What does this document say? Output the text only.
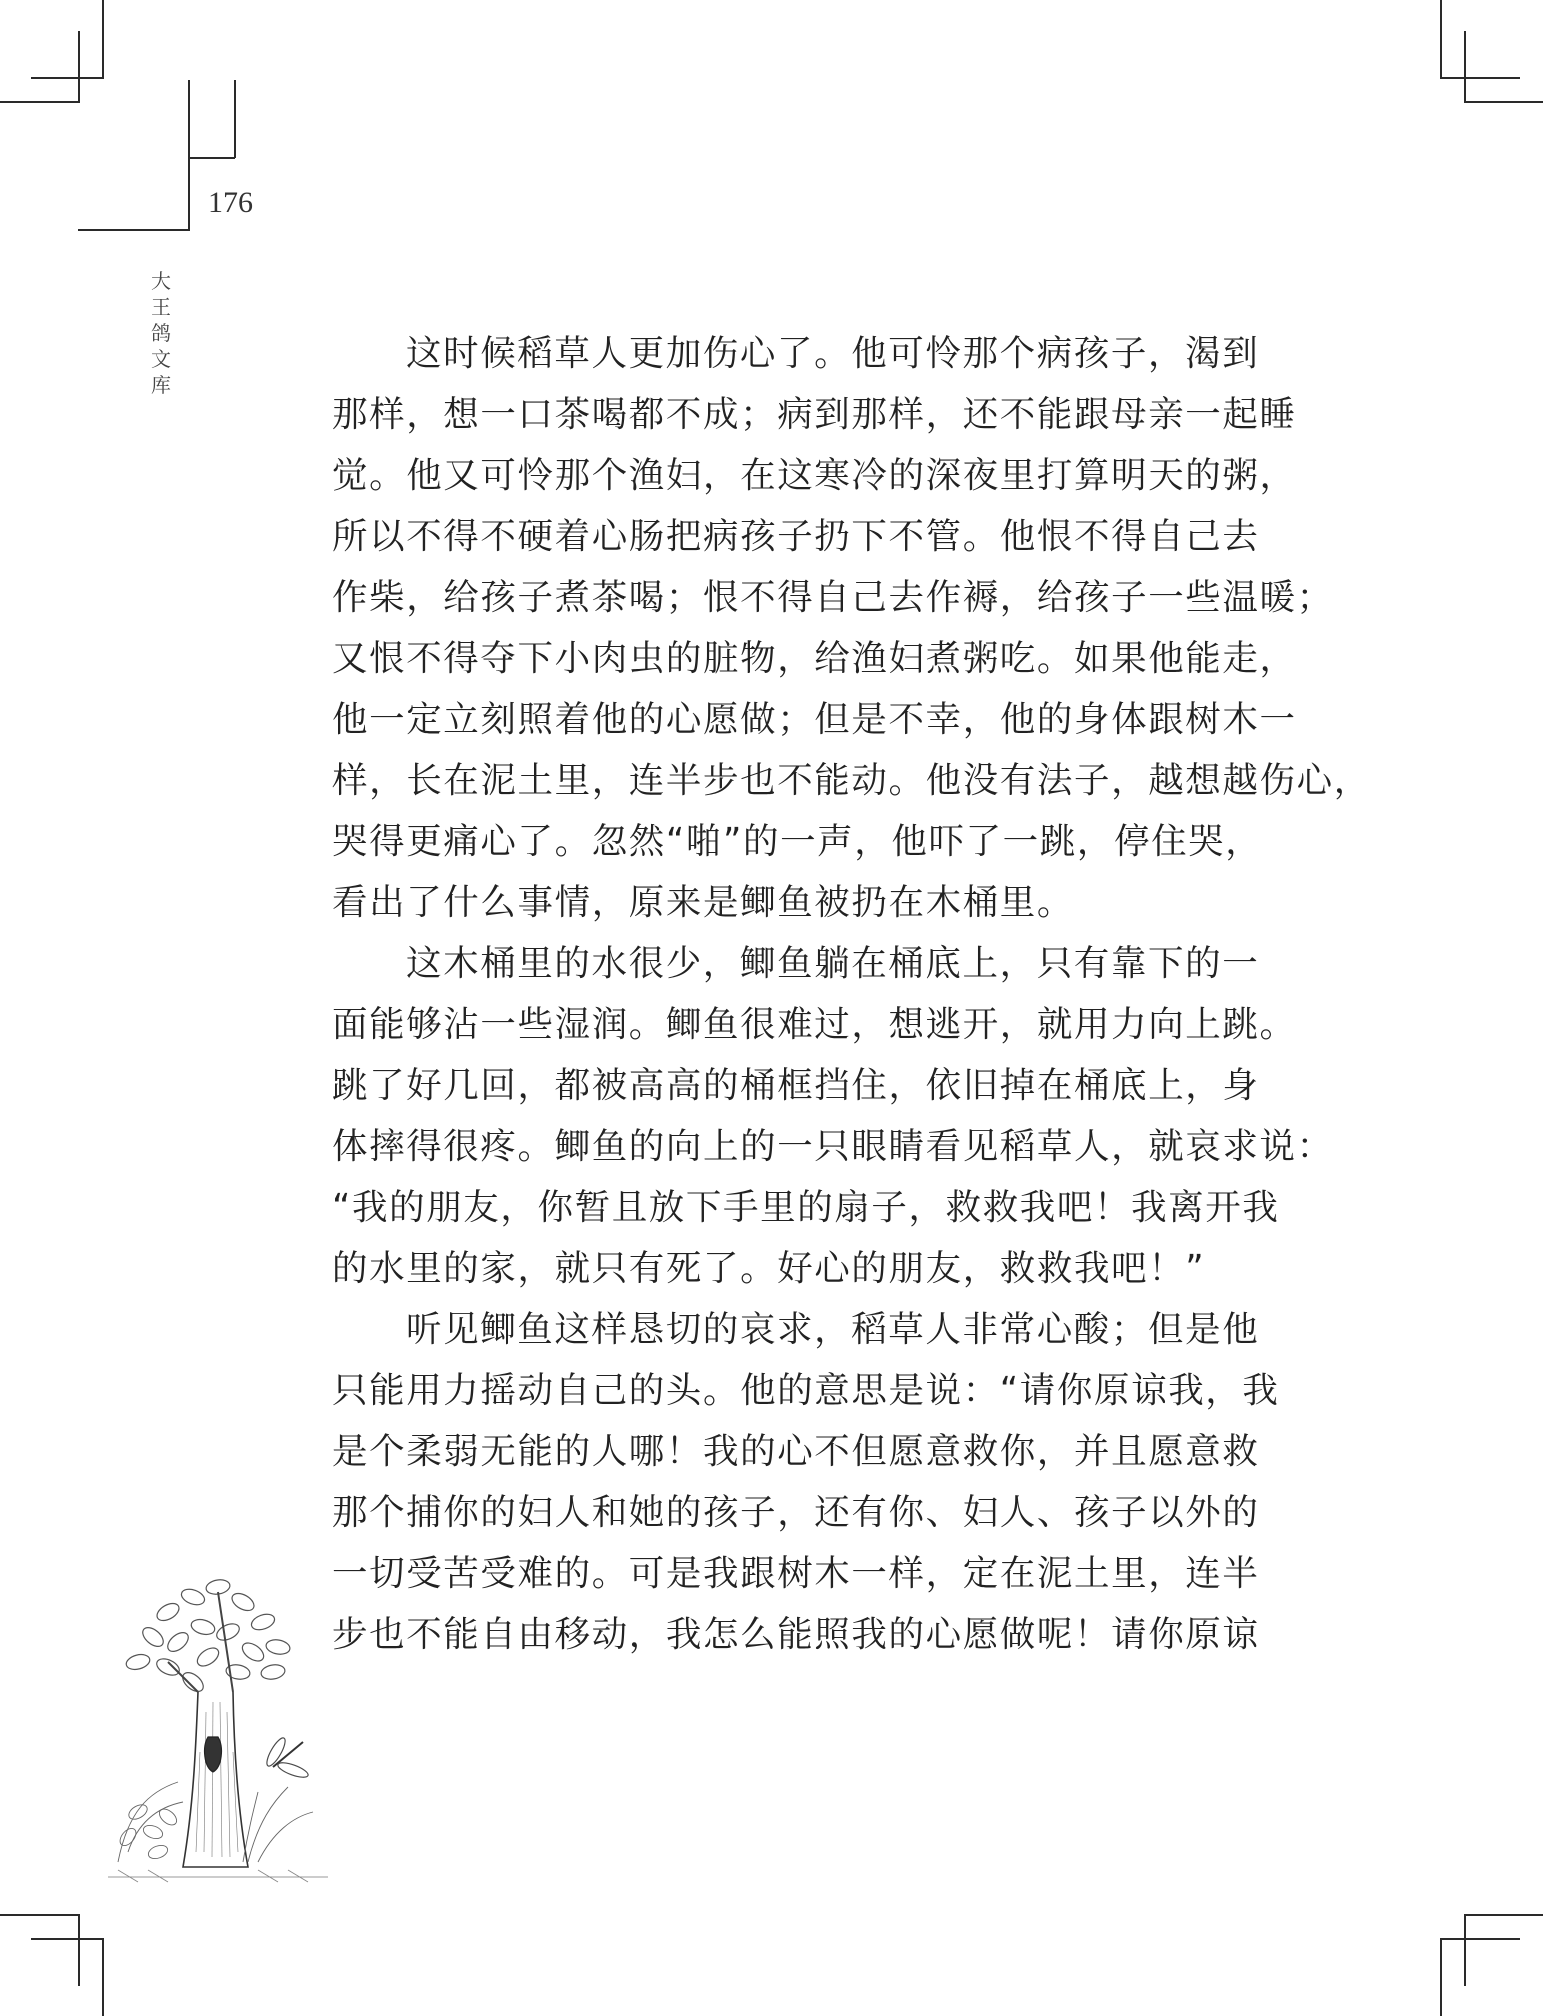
176
大
王
鸽
文
库
这时候稻草人更加伤心了。他可怜那个病孩子，渴到
那样，想一口茶喝都不成；病到那样，还不能跟母亲一起睡
觉。他又可怜那个渔妇，在这寒冷的深夜里打算明天的粥，
所以不得不硬着心肠把病孩子扔下不管。他恨不得自己去
作柴，给孩子煮茶喝；恨不得自己去作褥，给孩子一些温暖；
又恨不得夺下小肉虫的脏物，给渔妇煮粥吃。如果他能走，
他一定立刻照着他的心愿做；但是不幸，他的身体跟树木一
样，长在泥土里，连半步也不能动。他没有法子，越想越伤心，
哭得更痛心了。忽然“啪”的一声，他吓了一跳，停住哭，
看出了什么事情，原来是鲫鱼被扔在木桶里。
这木桶里的水很少，鲫鱼躺在桶底上，只有靠下的一
面能够沾一些湿润。鲫鱼很难过，想逃开，就用力向上跳。
跳了好几回，都被高高的桶框挡住，依旧掉在桶底上，身
体摔得很疼。鲫鱼的向上的一只眼睛看见稻草人，就哀求说：
“我的朋友，你暂且放下手里的扇子，救救我吧！我离开我
的水里的家，就只有死了。好心的朋友，救救我吧！”
听见鲫鱼这样恳切的哀求，稻草人非常心酸；但是他
只能用力摇动自己的头。他的意思是说：“请你原谅我，我
是个柔弱无能的人哪！我的心不但愿意救你，并且愿意救
那个捕你的妇人和她的孩子，还有你、妇人、孩子以外的
一切受苦受难的。可是我跟树木一样，定在泥土里，连半
步也不能自由移动，我怎么能照我的心愿做呢！请你原谅
